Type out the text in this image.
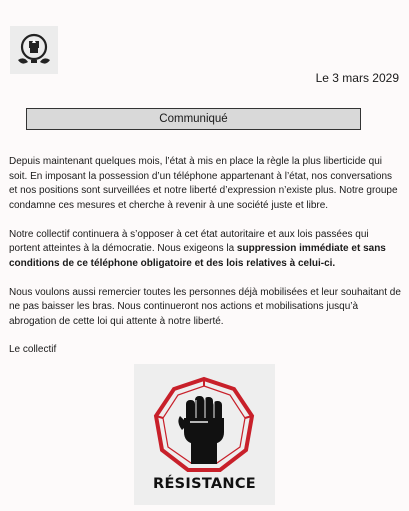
Le 3 mars 2029
Communiqué

Depuis maintenant quelques mois, l’état à mis en place la règle la plus liberticide qui soit. En imposant la possession d’un téléphone appartenant à l’état, nos conversations et nos positions sont surveillées et notre liberté d’expression n’existe plus. Notre groupe condamne ces mesures et cherche à revenir à une société juste et libre.

Notre collectif continuera à s’opposer à cet état autoritaire et aux lois passées qui portent atteintes à la démocratie. Nous exigeons la suppression immédiate et sans conditions de ce téléphone obligatoire et des lois relatives à celui-ci.

Nous voulons aussi remercier toutes les personnes déjà mobilisées et leur souhaitant de ne pas baisser les bras. Nous continueront nos actions et mobilisations jusqu’à abrogation de cette loi qui attente à notre liberté.

Le collectif
RÉSISTANCE
